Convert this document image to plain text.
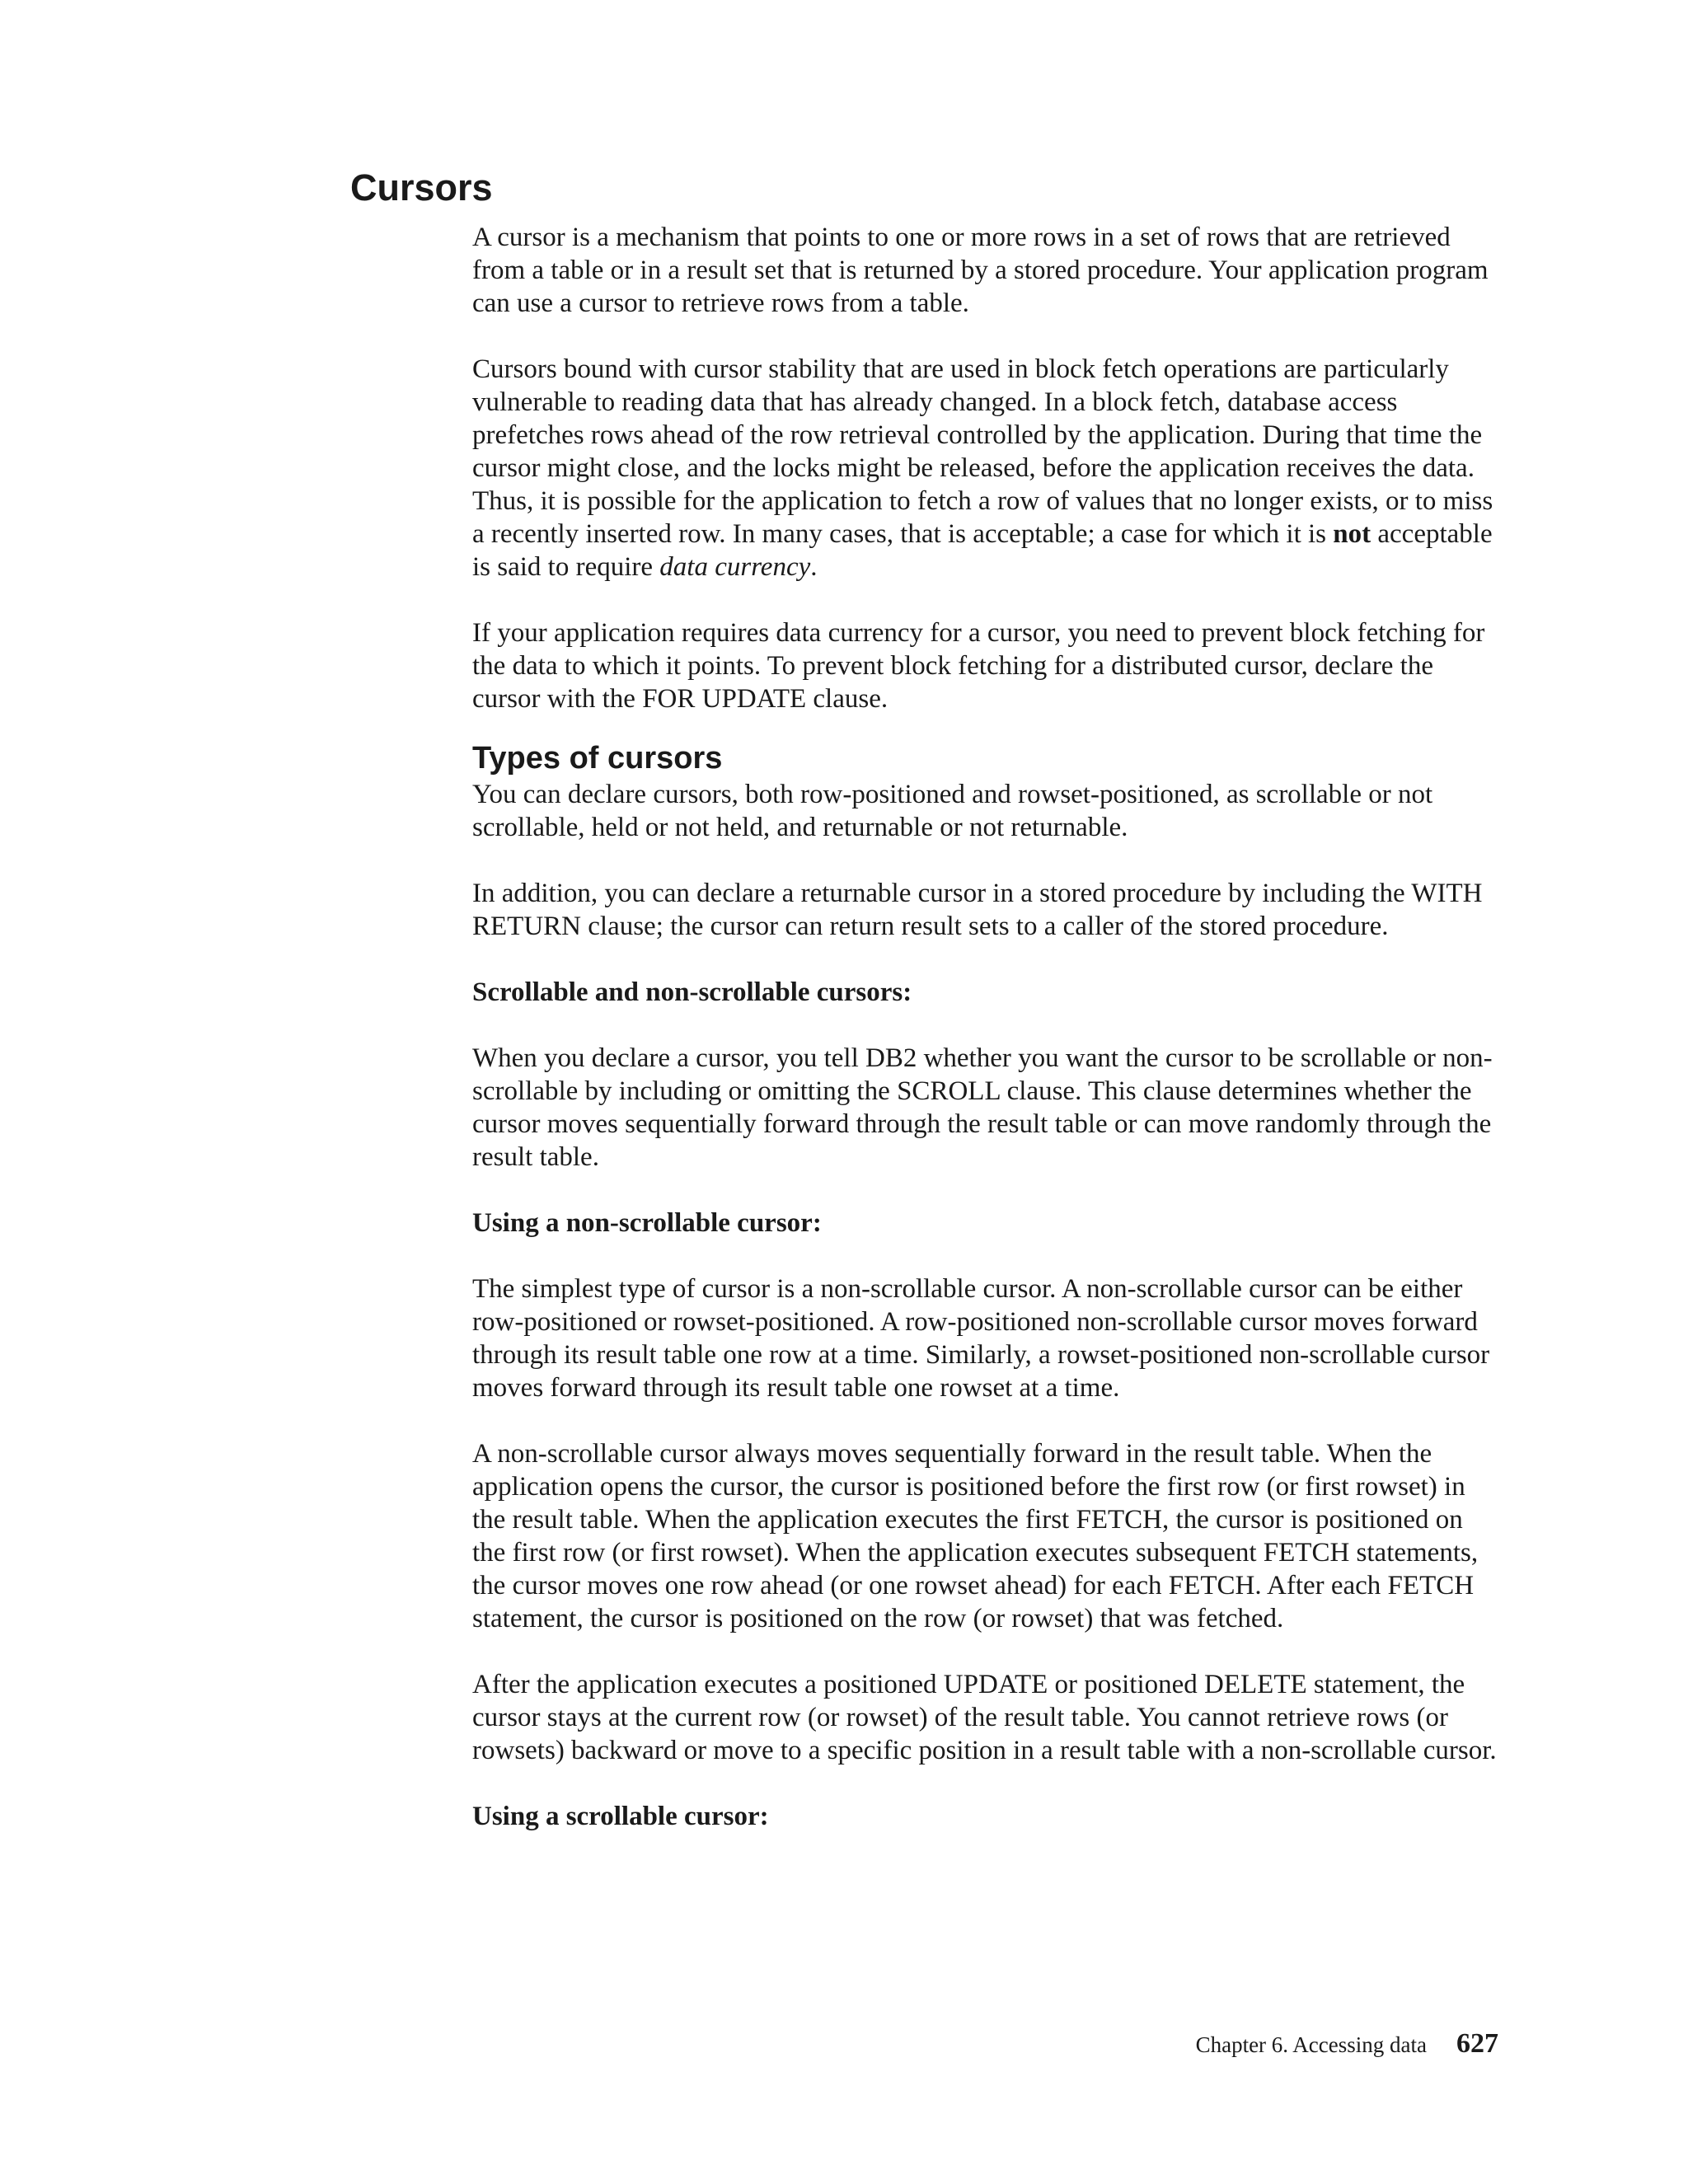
Cursors

A cursor is a mechanism that points to one or more rows in a set of rows that are retrieved from a table or in a result set that is returned by a stored procedure. Your application program can use a cursor to retrieve rows from a table.

Cursors bound with cursor stability that are used in block fetch operations are particularly vulnerable to reading data that has already changed. In a block fetch, database access prefetches rows ahead of the row retrieval controlled by the application. During that time the cursor might close, and the locks might be released, before the application receives the data. Thus, it is possible for the application to fetch a row of values that no longer exists, or to miss a recently inserted row. In many cases, that is acceptable; a case for which it is not acceptable is said to require data currency.

If your application requires data currency for a cursor, you need to prevent block fetching for the data to which it points. To prevent block fetching for a distributed cursor, declare the cursor with the FOR UPDATE clause.

Types of cursors

You can declare cursors, both row-positioned and rowset-positioned, as scrollable or not scrollable, held or not held, and returnable or not returnable.

In addition, you can declare a returnable cursor in a stored procedure by including the WITH RETURN clause; the cursor can return result sets to a caller of the stored procedure.

Scrollable and non-scrollable cursors:

When you declare a cursor, you tell DB2 whether you want the cursor to be scrollable or non-scrollable by including or omitting the SCROLL clause. This clause determines whether the cursor moves sequentially forward through the result table or can move randomly through the result table.

Using a non-scrollable cursor:

The simplest type of cursor is a non-scrollable cursor. A non-scrollable cursor can be either row-positioned or rowset-positioned. A row-positioned non-scrollable cursor moves forward through its result table one row at a time. Similarly, a rowset-positioned non-scrollable cursor moves forward through its result table one rowset at a time.

A non-scrollable cursor always moves sequentially forward in the result table. When the application opens the cursor, the cursor is positioned before the first row (or first rowset) in the result table. When the application executes the first FETCH, the cursor is positioned on the first row (or first rowset). When the application executes subsequent FETCH statements, the cursor moves one row ahead (or one rowset ahead) for each FETCH. After each FETCH statement, the cursor is positioned on the row (or rowset) that was fetched.

After the application executes a positioned UPDATE or positioned DELETE statement, the cursor stays at the current row (or rowset) of the result table. You cannot retrieve rows (or rowsets) backward or move to a specific position in a result table with a non-scrollable cursor.

Using a scrollable cursor:

Chapter 6. Accessing data 627
